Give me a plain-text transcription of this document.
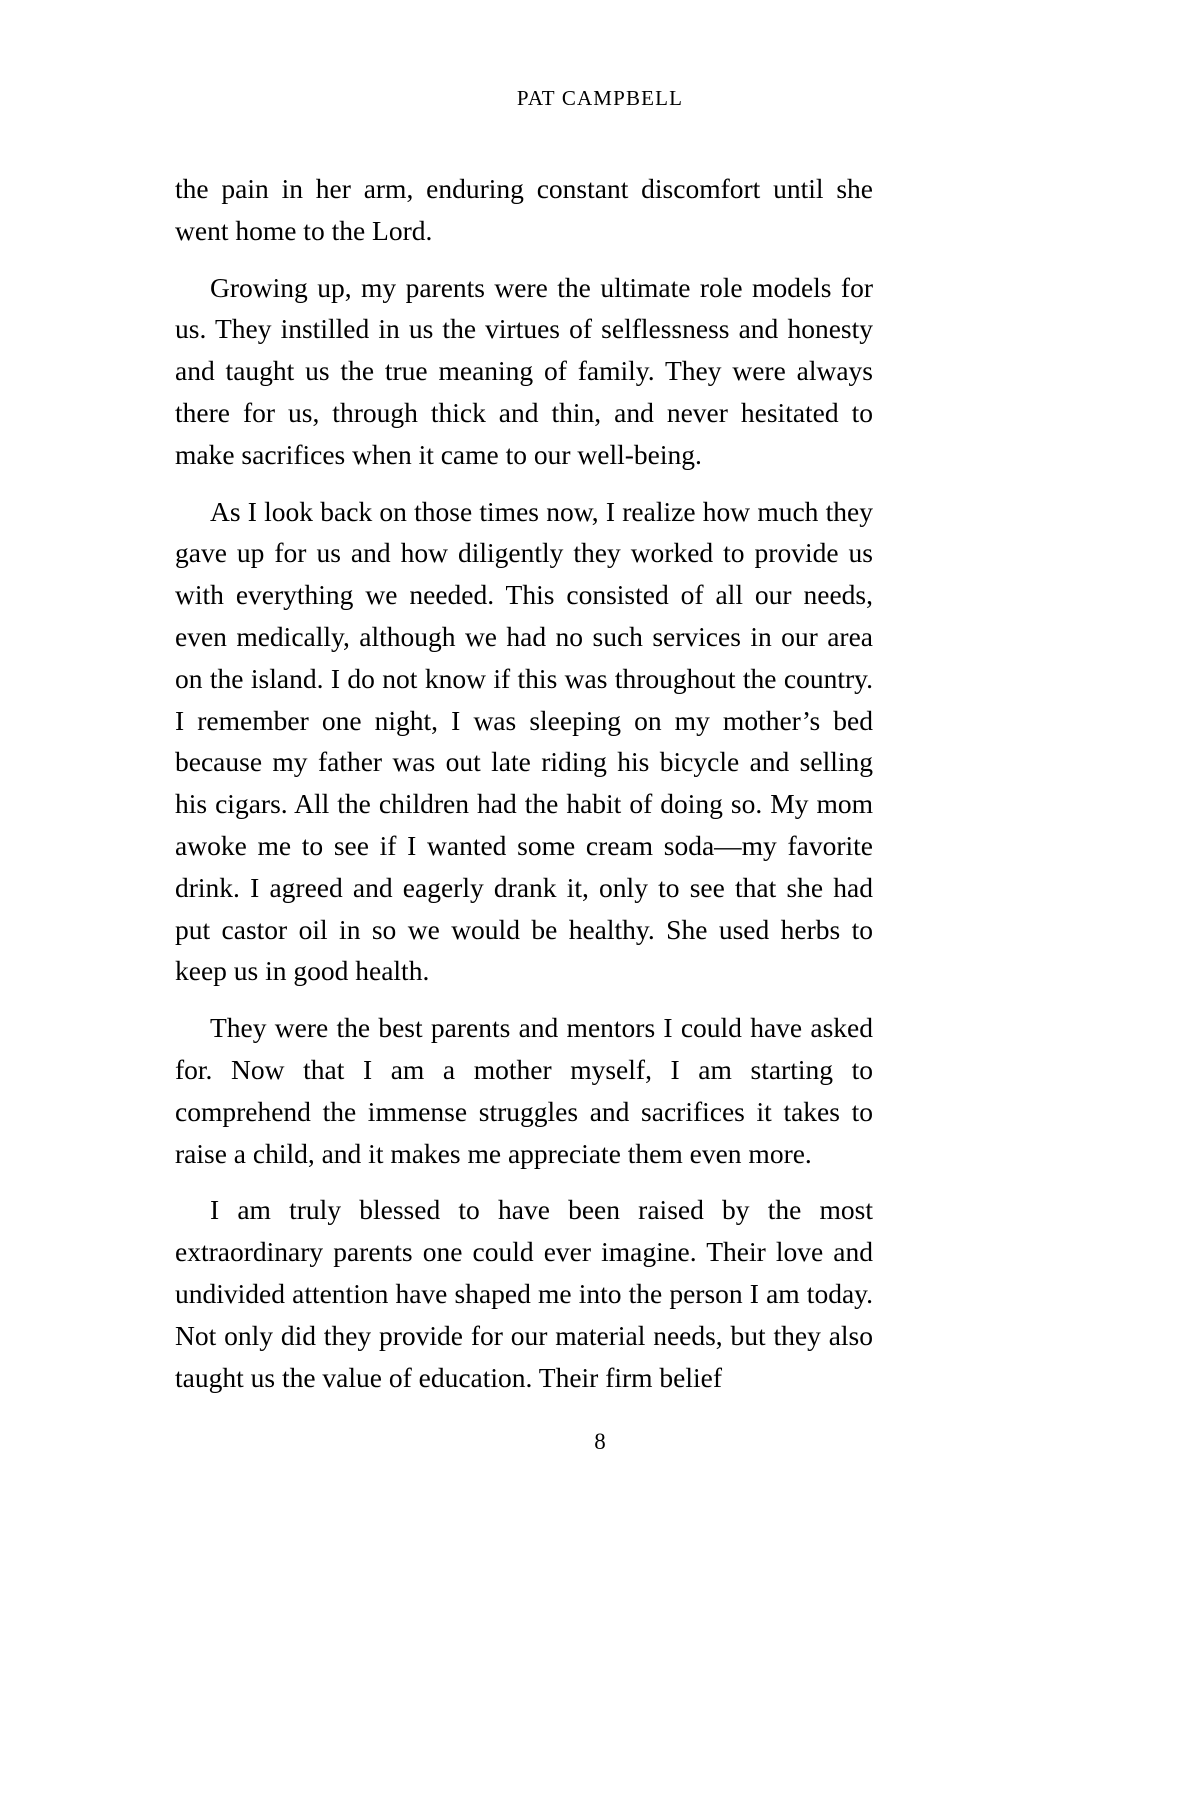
PAT CAMPBELL

the pain in her arm, enduring constant discomfort until she went home to the Lord.

Growing up, my parents were the ultimate role models for us. They instilled in us the virtues of selflessness and honesty and taught us the true meaning of family. They were always there for us, through thick and thin, and never hesitated to make sacrifices when it came to our well-being.

As I look back on those times now, I realize how much they gave up for us and how diligently they worked to provide us with everything we needed. This consisted of all our needs, even medically, although we had no such services in our area on the island. I do not know if this was throughout the country. I remember one night, I was sleeping on my mother’s bed because my father was out late riding his bicycle and selling his cigars. All the children had the habit of doing so. My mom awoke me to see if I wanted some cream soda—my favorite drink. I agreed and eagerly drank it, only to see that she had put castor oil in so we would be healthy. She used herbs to keep us in good health.

They were the best parents and mentors I could have asked for. Now that I am a mother myself, I am starting to comprehend the immense struggles and sacrifices it takes to raise a child, and it makes me appreciate them even more.

I am truly blessed to have been raised by the most extraordinary parents one could ever imagine. Their love and undivided attention have shaped me into the person I am today. Not only did they provide for our material needs, but they also taught us the value of education. Their firm belief

8
